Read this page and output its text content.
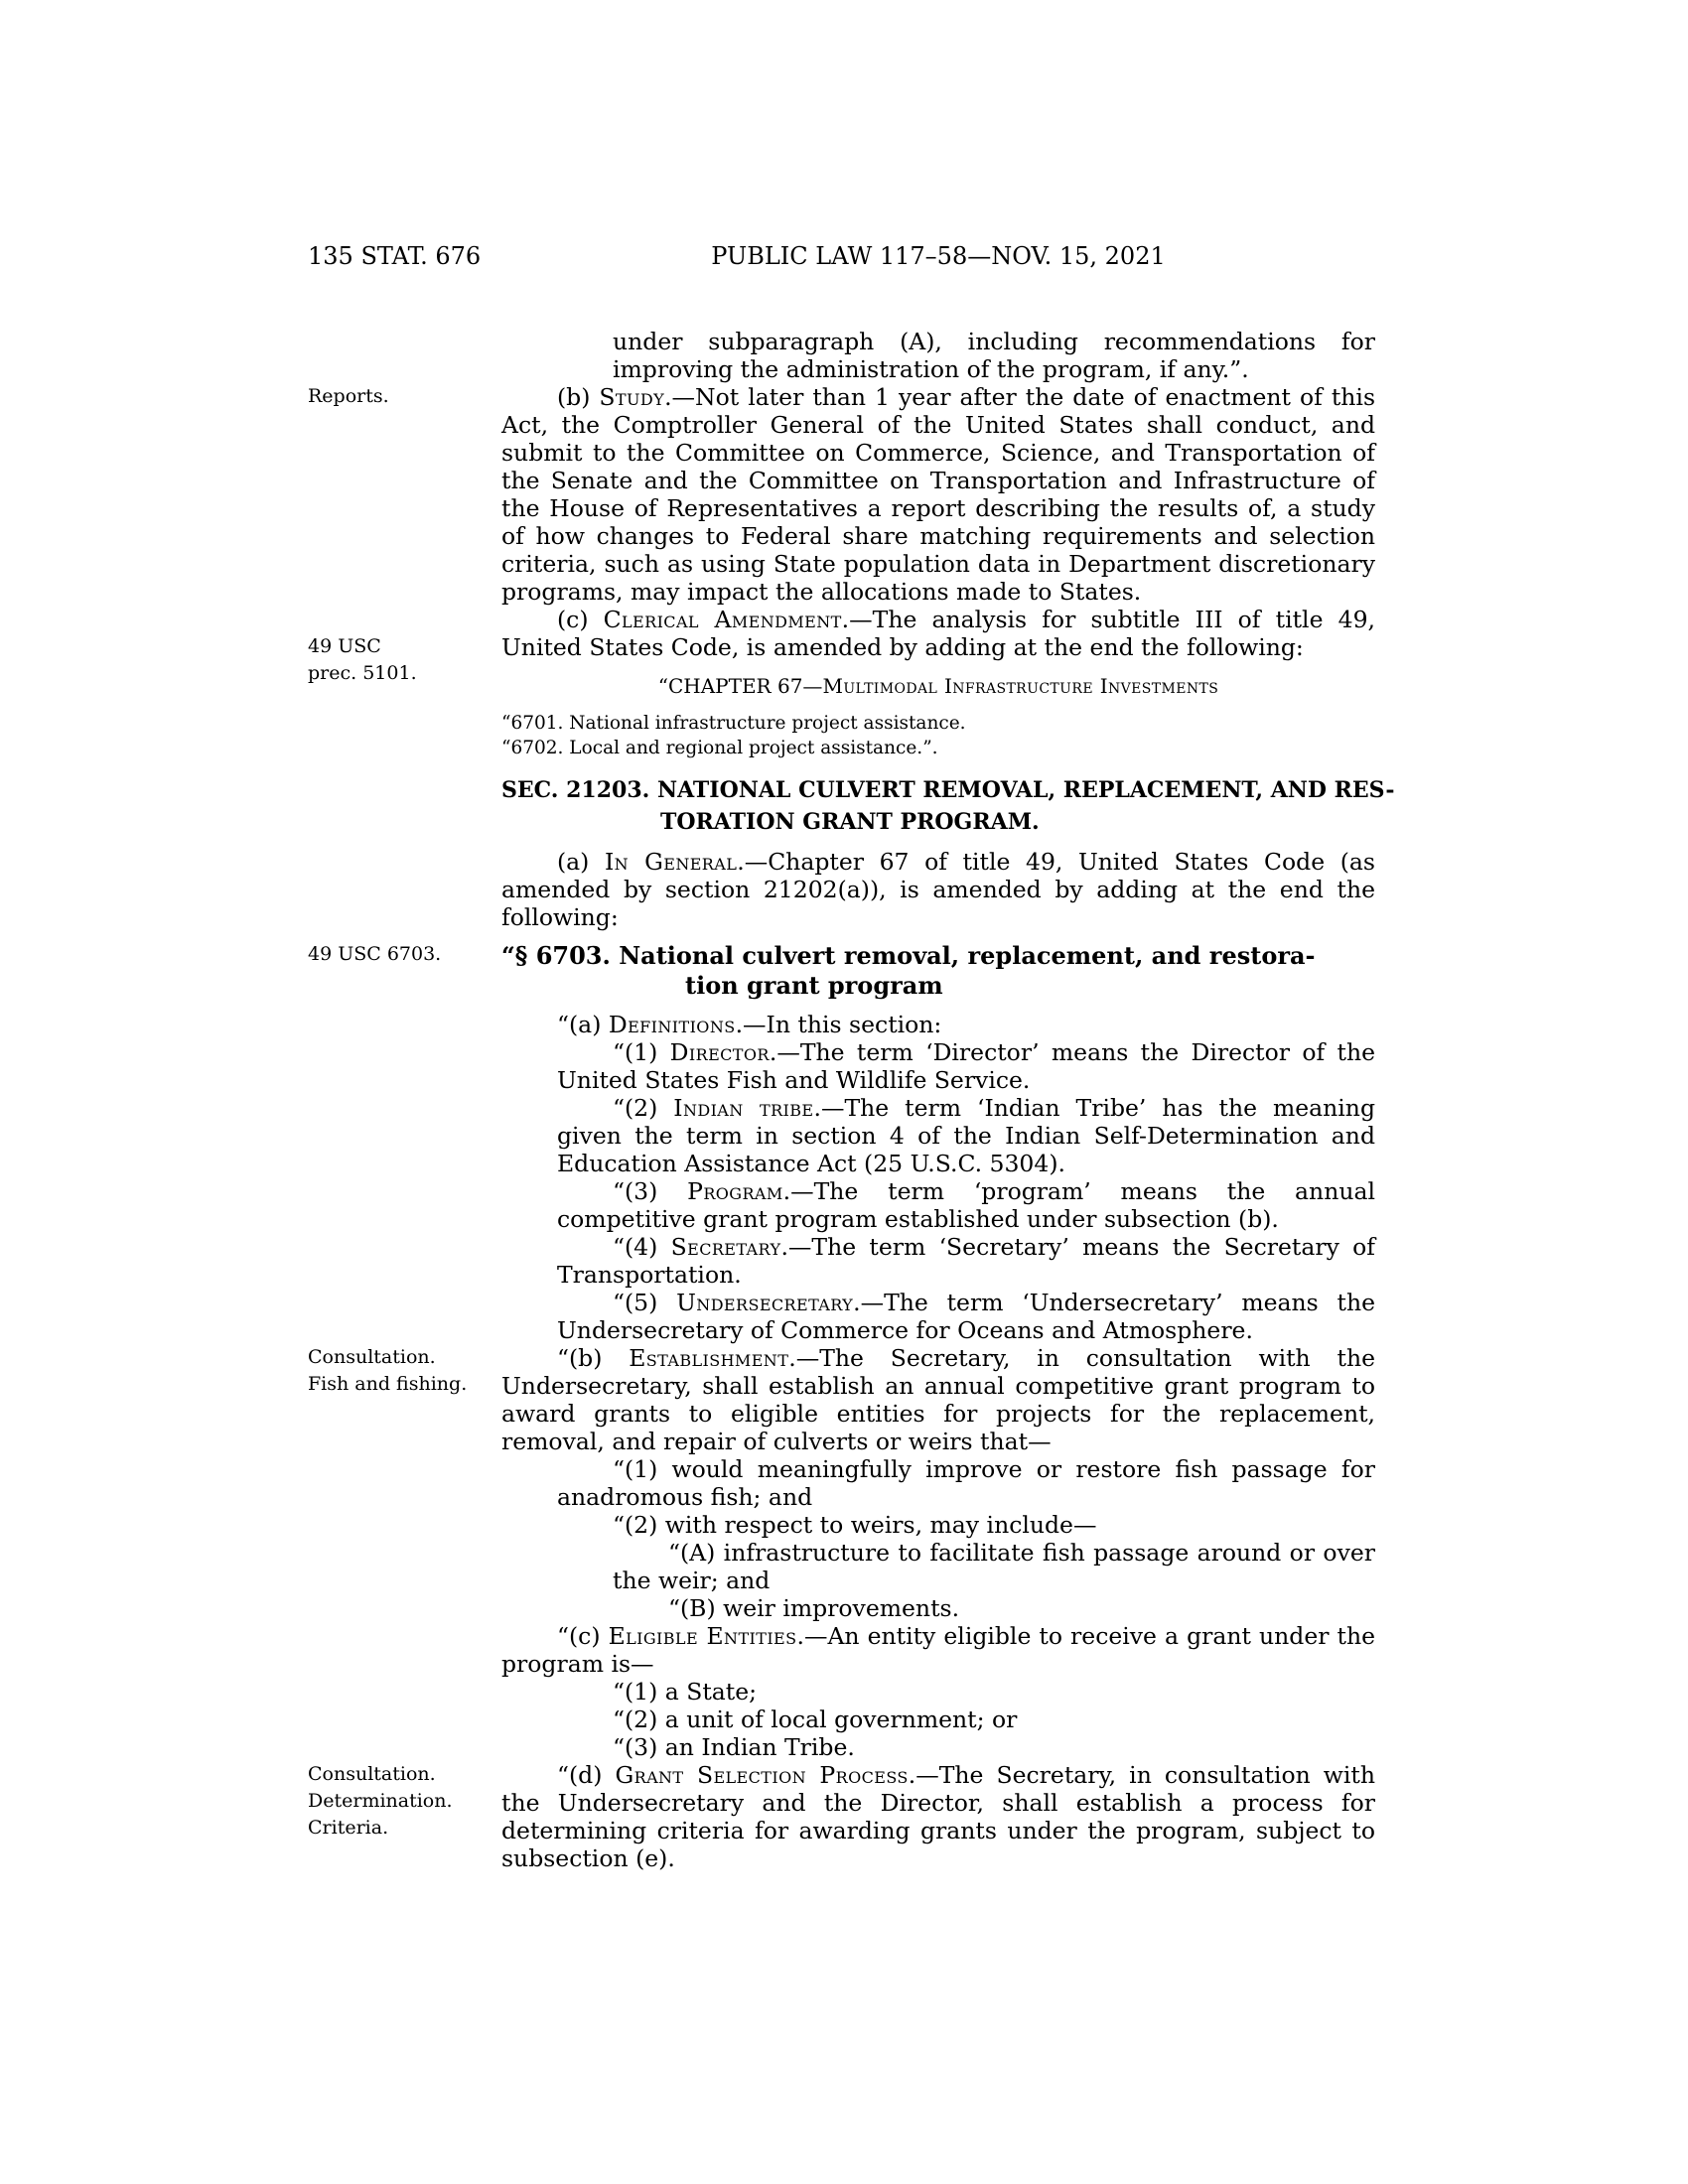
135 STAT. 676	PUBLIC LAW 117–58—NOV. 15, 2021

under subparagraph (A), including recommendations for improving the administration of the program, if any.”.

Reports.	(b) Study.—Not later than 1 year after the date of enactment of this Act, the Comptroller General of the United States shall conduct, and submit to the Committee on Commerce, Science, and Transportation of the Senate and the Committee on Transportation and Infrastructure of the House of Representatives a report describing the results of, a study of how changes to Federal share matching requirements and selection criteria, such as using State population data in Department discretionary programs, may impact the allocations made to States.

49 USC
prec. 5101.
(c) Clerical Amendment.—The analysis for subtitle III of title 49, United States Code, is amended by adding at the end the following:

“CHAPTER 67—Multimodal Infrastructure Investments

“6701. National infrastructure project assistance.

“6702. Local and regional project assistance.”.

SEC. 21203. NATIONAL CULVERT REMOVAL, REPLACEMENT, AND RES-

TORATION GRANT PROGRAM.

(a) In General.—Chapter 67 of title 49, United States Code (as amended by section 21202(a)), is amended by adding at the end the following:

49 USC 6703.	“§ 6703. National culvert removal, replacement, and restora-

tion grant program

“(a) Definitions.—In this section:

“(1) Director.—The term ‘Director’ means the Director of the United States Fish and Wildlife Service.

“(2) Indian tribe.—The term ‘Indian Tribe’ has the meaning given the term in section 4 of the Indian Self-Determination and Education Assistance Act (25 U.S.C. 5304).

“(3) Program.—The term ‘program’ means the annual competitive grant program established under subsection (b).

“(4) Secretary.—The term ‘Secretary’ means the Secretary of Transportation.

“(5) Undersecretary.—The term ‘Undersecretary’ means the Undersecretary of Commerce for Oceans and Atmosphere.

Consultation.
Fish and fishing.
“(b) Establishment.—The Secretary, in consultation with the Undersecretary, shall establish an annual competitive grant program to award grants to eligible entities for projects for the replacement, removal, and repair of culverts or weirs that—

“(1) would meaningfully improve or restore fish passage for anadromous fish; and

“(2) with respect to weirs, may include—

“(A) infrastructure to facilitate fish passage around or over the weir; and

“(B) weir improvements.

“(c) Eligible Entities.—An entity eligible to receive a grant under the program is—

“(1) a State;

“(2) a unit of local government; or

“(3) an Indian Tribe.

Consultation.
Determination.
Criteria.
“(d) Grant Selection Process.—The Secretary, in consultation with the Undersecretary and the Director, shall establish a process for determining criteria for awarding grants under the program, subject to subsection (e).
